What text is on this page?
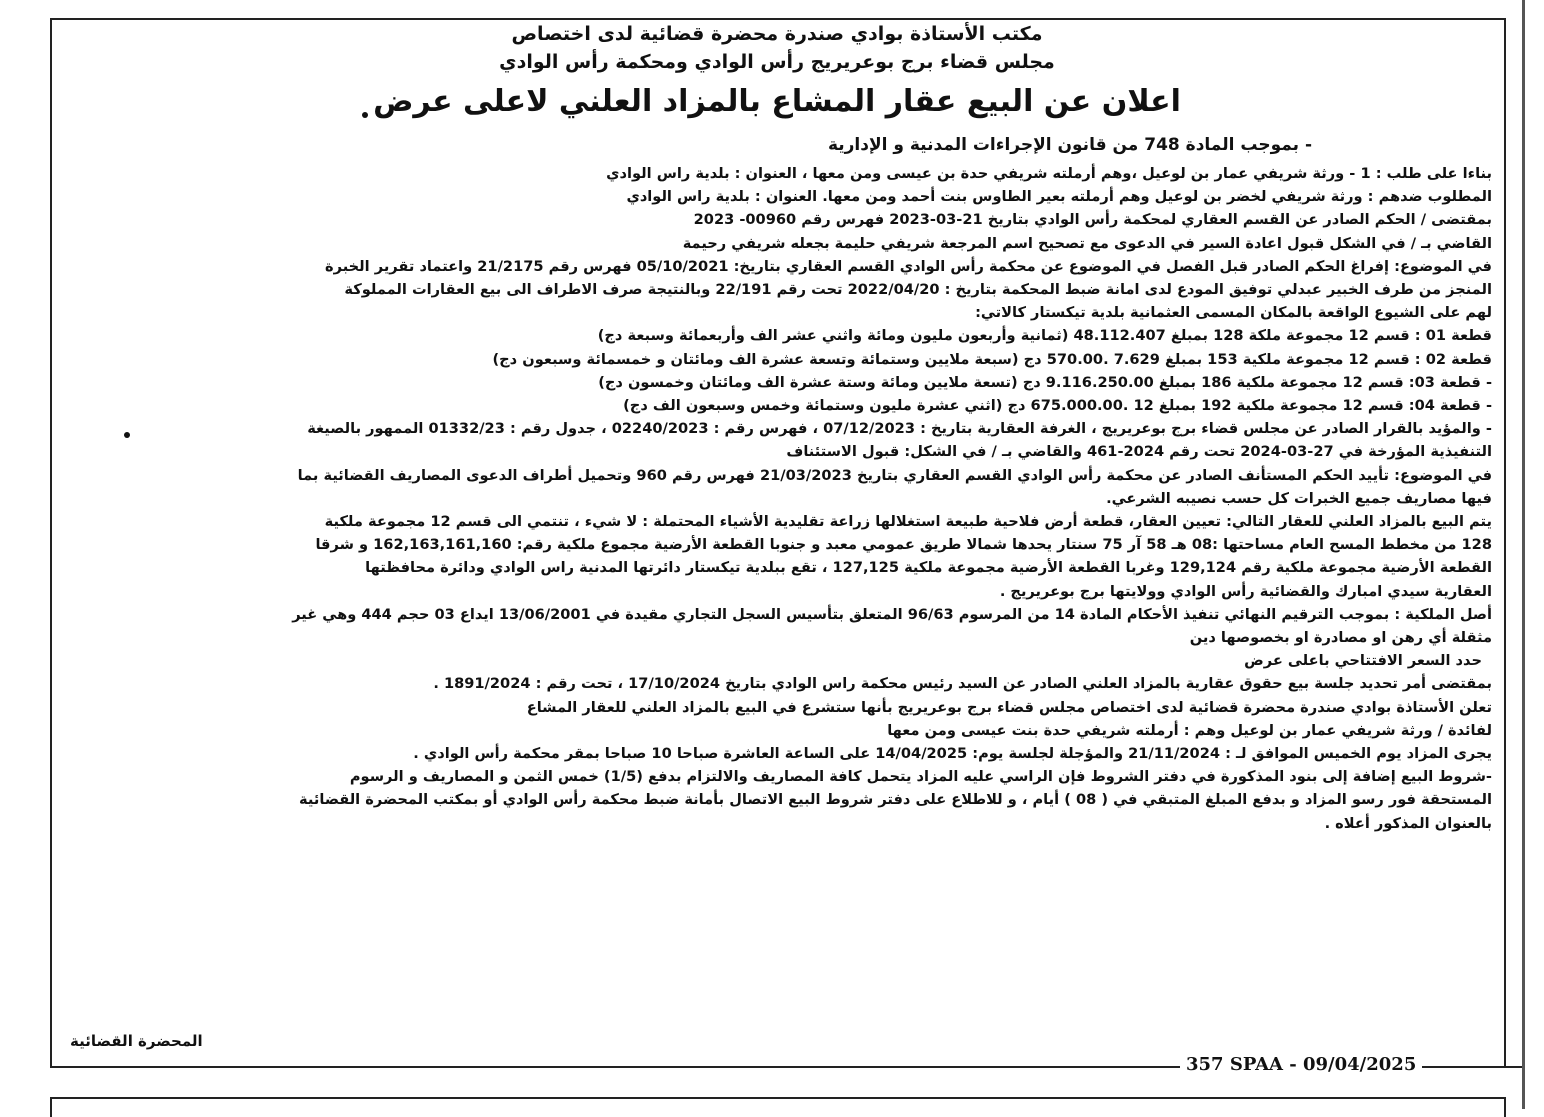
مكتب الأستاذة بوادي صندرة محضرة قضائية لدى اختصاص

مجلس قضاء برج بوعريريج رأس الوادي ومحكمة رأس الوادي

اعلان عن البيع عقار المشاع بالمزاد العلني لاعلى عرض

- بموجب المادة 748 من قانون الإجراءات المدنية و الإدارية

بناءا على طلب : 1 - ورثة شريفي عمار بن لوعيل ،وهم أرملته شريفي حدة بن عيسى ومن معها ، العنوان : بلدية راس الوادي

المطلوب ضدهم : ورثة شريفي لخضر بن لوعيل وهم أرملته بعير الطاوس بنت أحمد ومن معها. العنوان : بلدية راس الوادي

بمقتضى / الحكم الصادر عن القسم العقاري لمحكمة رأس الوادي بتاريخ 21-03-2023 فهرس رقم 00960- 2023

القاضي بـ / في الشكل قبول اعادة السير في الدعوى مع تصحيح اسم المرجعة شريفي حليمة بجعله شريفي رحيمة

في الموضوع: إفراغ الحكم الصادر قبل الفصل في الموضوع عن محكمة رأس الوادي القسم العقاري بتاريخ: 05/10/2021 فهرس رقم 21/2175 واعتماد تقرير الخبرة

المنجز من طرف الخبير عبدلي توفيق المودع لدى امانة ضبط المحكمة بتاريخ : 2022/04/20 تحت رقم 22/191 وبالنتيجة صرف الاطراف الى بيع العقارات المملوكة

لهم على الشيوع الواقعة بالمكان المسمى العثمانية بلدية تيكستار كالاتي:

قطعة 01 : قسم 12 مجموعة ملكة 128 بمبلغ 48.112.407 (ثمانية وأربعون مليون ومائة واثني عشر الف وأربعمائة وسبعة دج)

قطعة 02 : قسم 12 مجموعة ملكية 153 بمبلغ 7.629 .570.00 دج (سبعة ملايين وستمائة وتسعة عشرة الف ومائتان و خمسمائة وسبعون دج)

- قطعة 03: قسم 12 مجموعة ملكية 186 بمبلغ 9.116.250.00 دج (تسعة ملايين ومائة وستة عشرة الف ومائتان وخمسون دج)

- قطعة 04: قسم 12 مجموعة ملكية 192 بمبلغ 12 .675.000.00 دج (اثني عشرة مليون وستمائة وخمس وسبعون الف دج)

- والمؤيد بالقرار الصادر عن مجلس قضاء برج بوعريريج ، الغرفة العقارية بتاريخ : 07/12/2023 ، فهرس رقم : 02240/2023 ، جدول رقم : 01332/23 الممهور بالصيغة

التنفيذية المؤرخة في 27-03-2024 تحت رقم 2024-461 والقاضي بـ / في الشكل: قبول الاستئناف

في الموضوع: تأييد الحكم المستأنف الصادر عن محكمة رأس الوادي القسم العقاري بتاريخ 21/03/2023 فهرس رقم 960 وتحميل أطراف الدعوى المصاريف القضائية بما

فيها مصاريف جميع الخبرات كل حسب نصيبه الشرعي.

يتم البيع بالمزاد العلني للعقار التالي: تعيين العقار، قطعة أرض فلاحية طبيعة استغلالها زراعة تقليدية الأشياء المحتملة : لا شيء ، تنتمي الى قسم 12 مجموعة ملكية

128 من مخطط المسح العام مساحتها :08 هـ 58 آر 75 سنتار يحدها شمالا طريق عمومي معبد و جنوبا القطعة الأرضية مجموع ملكية رقم: 162,163,161,160 و شرقا

القطعة الأرضية مجموعة ملكية رقم 129,124 وغربا القطعة الأرضية مجموعة ملكية 127,125 ، تقع ببلدية تيكستار دائرتها المدنية راس الوادي ودائرة محافظتها

العقارية سيدي امبارك والقضائية رأس الوادي وولايتها برج بوعريريج .

أصل الملكية : بموجب الترقيم النهائي تنفيذ الأحكام المادة 14 من المرسوم 96/63 المتعلق بتأسيس السجل التجاري مقيدة في 13/06/2001 ايداع 03 حجم 444 وهي غير

مثقلة أي رهن او مصادرة او بخصوصها دين

حدد السعر الافتتاحي باعلى عرض

بمقتضى أمر تحديد جلسة بيع حقوق عقارية بالمزاد العلني الصادر عن السيد رئيس محكمة راس الوادي بتاريخ 17/10/2024 ، تحت رقم : 1891/2024 .

تعلن الأستاذة بوادي صندرة محضرة قضائية لدى اختصاص مجلس قضاء برج بوعريريج بأنها ستشرع في البيع بالمزاد العلني للعقار المشاع

لفائدة / ورثة شريفي عمار بن لوعيل وهم : أرملته شريفي حدة بنت عيسى ومن معها

يجرى المزاد يوم الخميس الموافق لـ : 21/11/2024 والمؤجلة لجلسة يوم: 14/04/2025 على الساعة العاشرة صباحا 10 صباحا بمقر محكمة رأس الوادي .

-شروط البيع إضافة إلى بنود المذكورة في دفتر الشروط فإن الراسي عليه المزاد يتحمل كافة المصاريف والالتزام بدفع (1/5) خمس الثمن و المصاريف و الرسوم

المستحقة فور رسو المزاد و بدفع المبلغ المتبقي في ( 08 ) أيام ، و للاطلاع على دفتر شروط البيع الاتصال بأمانة ضبط محكمة رأس الوادي أو بمكتب المحضرة القضائية

بالعنوان المذكور أعلاه .

المحضرة القضائية
357 SPAA - 09/04/2025
